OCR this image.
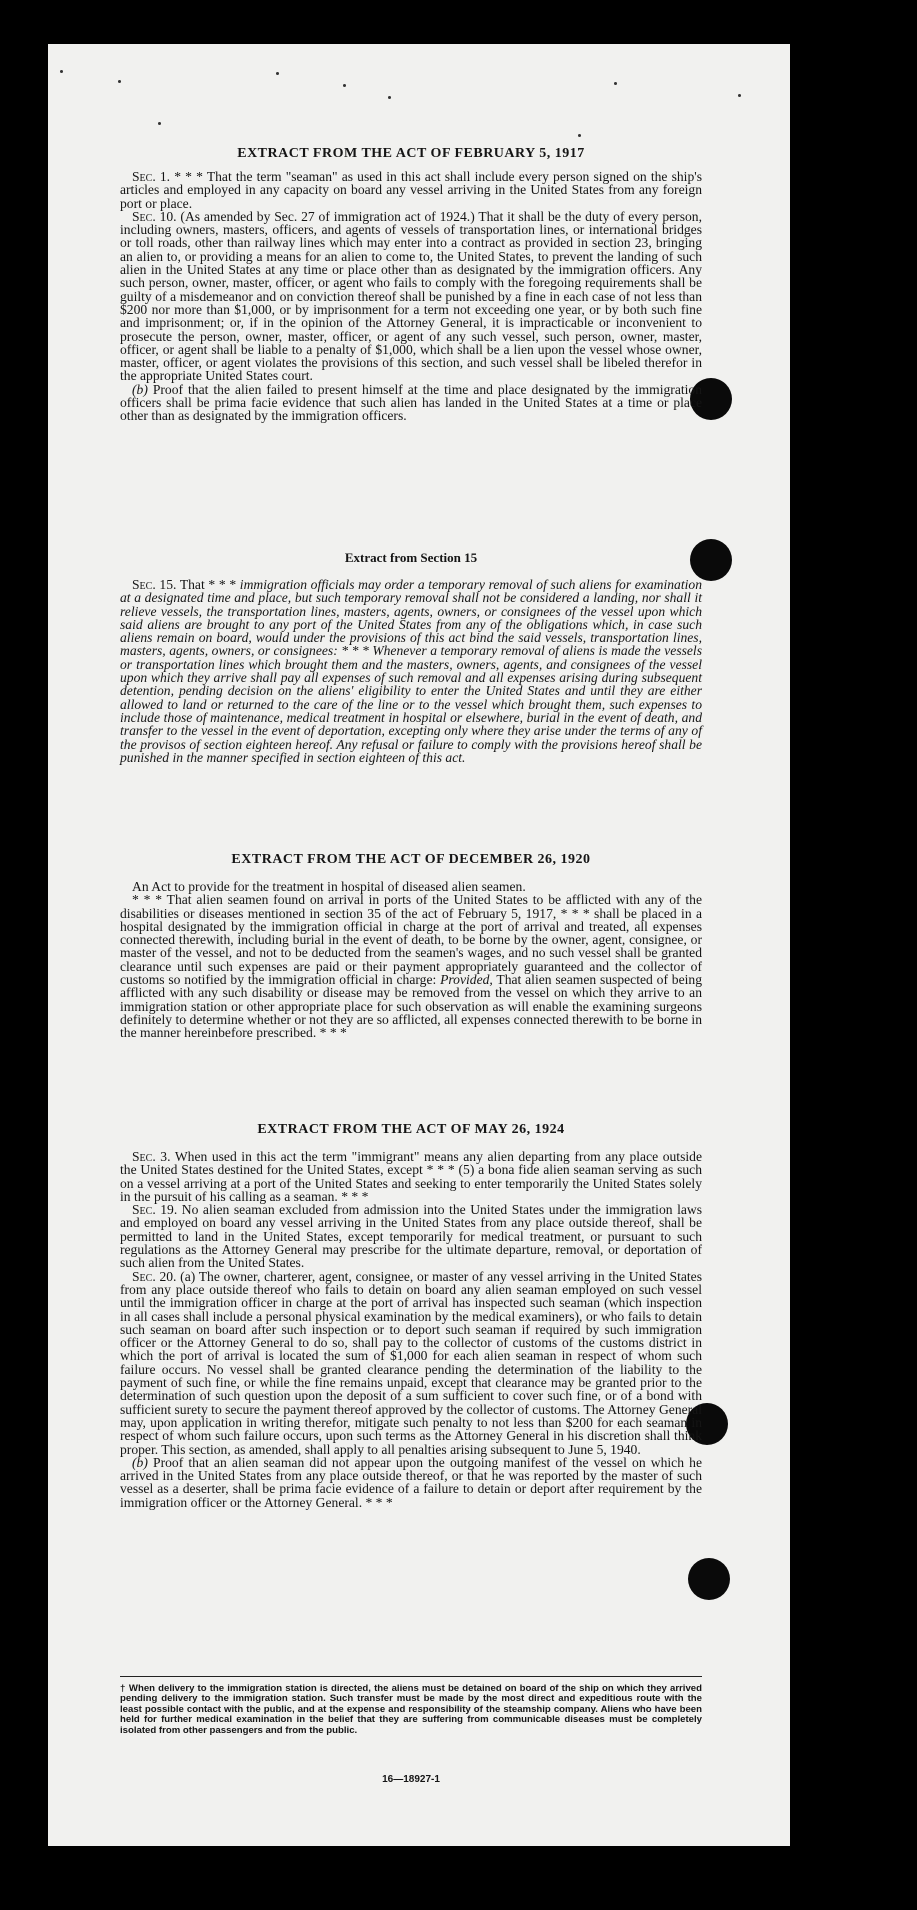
EXTRACT FROM THE ACT OF FEBRUARY 5, 1917

Sec. 1. * * * That the term "seaman" as used in this act shall include every person signed on the ship's articles and employed in any capacity on board any vessel arriving in the United States from any foreign port or place.

Sec. 10. (As amended by Sec. 27 of immigration act of 1924.) That it shall be the duty of every person, including owners, masters, officers, and agents of vessels of transportation lines, or international bridges or toll roads, other than railway lines which may enter into a contract as provided in section 23, bringing an alien to, or providing a means for an alien to come to, the United States, to prevent the landing of such alien in the United States at any time or place other than as designated by the immigration officers. Any such person, owner, master, officer, or agent who fails to comply with the foregoing requirements shall be guilty of a misdemeanor and on conviction thereof shall be punished by a fine in each case of not less than $200 nor more than $1,000, or by imprisonment for a term not exceeding one year, or by both such fine and imprisonment; or, if in the opinion of the Attorney General, it is impracticable or inconvenient to prosecute the person, owner, master, officer, or agent of any such vessel, such person, owner, master, officer, or agent shall be liable to a penalty of $1,000, which shall be a lien upon the vessel whose owner, master, officer, or agent violates the provisions of this section, and such vessel shall be libeled therefor in the appropriate United States court.

(b) Proof that the alien failed to present himself at the time and place designated by the immigration officers shall be prima facie evidence that such alien has landed in the United States at a time or place other than as designated by the immigration officers.

Extract from Section 15

Sec. 15. That * * * immigration officials may order a temporary removal of such aliens for examination at a designated time and place, but such temporary removal shall not be considered a landing, nor shall it relieve vessels, the transportation lines, masters, agents, owners, or consignees of the vessel upon which said aliens are brought to any port of the United States from any of the obligations which, in case such aliens remain on board, would under the provisions of this act bind the said vessels, transportation lines, masters, agents, owners, or consignees: * * * Whenever a temporary removal of aliens is made the vessels or transportation lines which brought them and the masters, owners, agents, and consignees of the vessel upon which they arrive shall pay all expenses of such removal and all expenses arising during subsequent detention, pending decision on the aliens' eligibility to enter the United States and until they are either allowed to land or returned to the care of the line or to the vessel which brought them, such expenses to include those of maintenance, medical treatment in hospital or elsewhere, burial in the event of death, and transfer to the vessel in the event of deportation, excepting only where they arise under the terms of any of the provisos of section eighteen hereof. Any refusal or failure to comply with the provisions hereof shall be punished in the manner specified in section eighteen of this act.

EXTRACT FROM THE ACT OF DECEMBER 26, 1920

An Act to provide for the treatment in hospital of diseased alien seamen.

* * * That alien seamen found on arrival in ports of the United States to be afflicted with any of the disabilities or diseases mentioned in section 35 of the act of February 5, 1917, * * * shall be placed in a hospital designated by the immigration official in charge at the port of arrival and treated, all expenses connected therewith, including burial in the event of death, to be borne by the owner, agent, consignee, or master of the vessel, and not to be deducted from the seamen's wages, and no such vessel shall be granted clearance until such expenses are paid or their payment appropriately guaranteed and the collector of customs so notified by the immigration official in charge: Provided, That alien seamen suspected of being afflicted with any such disability or disease may be removed from the vessel on which they arrive to an immigration station or other appropriate place for such observation as will enable the examining surgeons definitely to determine whether or not they are so afflicted, all expenses connected therewith to be borne in the manner hereinbefore prescribed. * * *

EXTRACT FROM THE ACT OF MAY 26, 1924

Sec. 3. When used in this act the term "immigrant" means any alien departing from any place outside the United States destined for the United States, except * * * (5) a bona fide alien seaman serving as such on a vessel arriving at a port of the United States and seeking to enter temporarily the United States solely in the pursuit of his calling as a seaman. * * *

Sec. 19. No alien seaman excluded from admission into the United States under the immigration laws and employed on board any vessel arriving in the United States from any place outside thereof, shall be permitted to land in the United States, except temporarily for medical treatment, or pursuant to such regulations as the Attorney General may prescribe for the ultimate departure, removal, or deportation of such alien from the United States.

Sec. 20. (a) The owner, charterer, agent, consignee, or master of any vessel arriving in the United States from any place outside thereof who fails to detain on board any alien seaman employed on such vessel until the immigration officer in charge at the port of arrival has inspected such seaman (which inspection in all cases shall include a personal physical examination by the medical examiners), or who fails to detain such seaman on board after such inspection or to deport such seaman if required by such immigration officer or the Attorney General to do so, shall pay to the collector of customs of the customs district in which the port of arrival is located the sum of $1,000 for each alien seaman in respect of whom such failure occurs. No vessel shall be granted clearance pending the determination of the liability to the payment of such fine, or while the fine remains unpaid, except that clearance may be granted prior to the determination of such question upon the deposit of a sum sufficient to cover such fine, or of a bond with sufficient surety to secure the payment thereof approved by the collector of customs. The Attorney General may, upon application in writing therefor, mitigate such penalty to not less than $200 for each seaman in respect of whom such failure occurs, upon such terms as the Attorney General in his discretion shall think proper. This section, as amended, shall apply to all penalties arising subsequent to June 5, 1940.

(b) Proof that an alien seaman did not appear upon the outgoing manifest of the vessel on which he arrived in the United States from any place outside thereof, or that he was reported by the master of such vessel as a deserter, shall be prima facie evidence of a failure to detain or deport after requirement by the immigration officer or the Attorney General. * * *

† When delivery to the immigration station is directed, the aliens must be detained on board of the ship on which they arrived pending delivery to the immigration station. Such transfer must be made by the most direct and expeditious route with the least possible contact with the public, and at the expense and responsibility of the steamship company. Aliens who have been held for further medical examination in the belief that they are suffering from communicable diseases must be completely isolated from other passengers and from the public.
16—18927-1
